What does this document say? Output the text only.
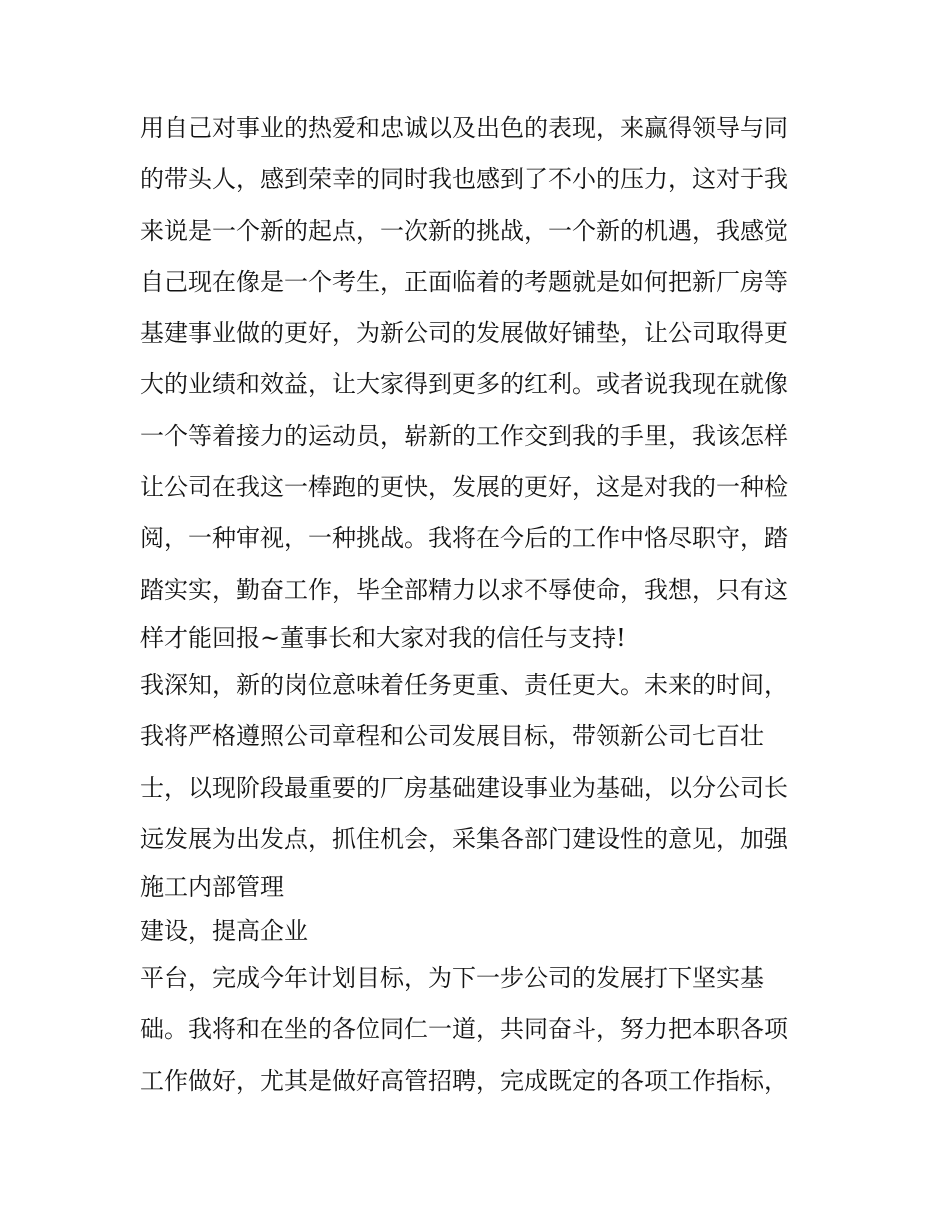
用自己对事业的热爱和忠诚以及出色的表现，来赢得领导与同
的带头人，感到荣幸的同时我也感到了不小的压力，这对于我
来说是一个新的起点，一次新的挑战，一个新的机遇，我感觉
自己现在像是一个考生，正面临着的考题就是如何把新厂房等
基建事业做的更好，为新公司的发展做好铺垫，让公司取得更
大的业绩和效益，让大家得到更多的红利。或者说我现在就像
一个等着接力的运动员，崭新的工作交到我的手里，我该怎样
让公司在我这一棒跑的更快，发展的更好，这是对我的一种检
阅，一种审视，一种挑战。我将在今后的工作中恪尽职守，踏
踏实实，勤奋工作，毕全部精力以求不辱使命，我想，只有这
样才能回报~董事长和大家对我的信任与支持!
我深知，新的岗位意味着任务更重、责任更大。未来的时间，
我将严格遵照公司章程和公司发展目标，带领新公司七百壮
士，以现阶段最重要的厂房基础建设事业为基础，以分公司长
远发展为出发点，抓住机会，采集各部门建设性的意见，加强
施工内部管理
建设，提高企业
平台，完成今年计划目标，为下一步公司的发展打下坚实基
础。我将和在坐的各位同仁一道，共同奋斗，努力把本职各项
工作做好，尤其是做好高管招聘，完成既定的各项工作指标，
